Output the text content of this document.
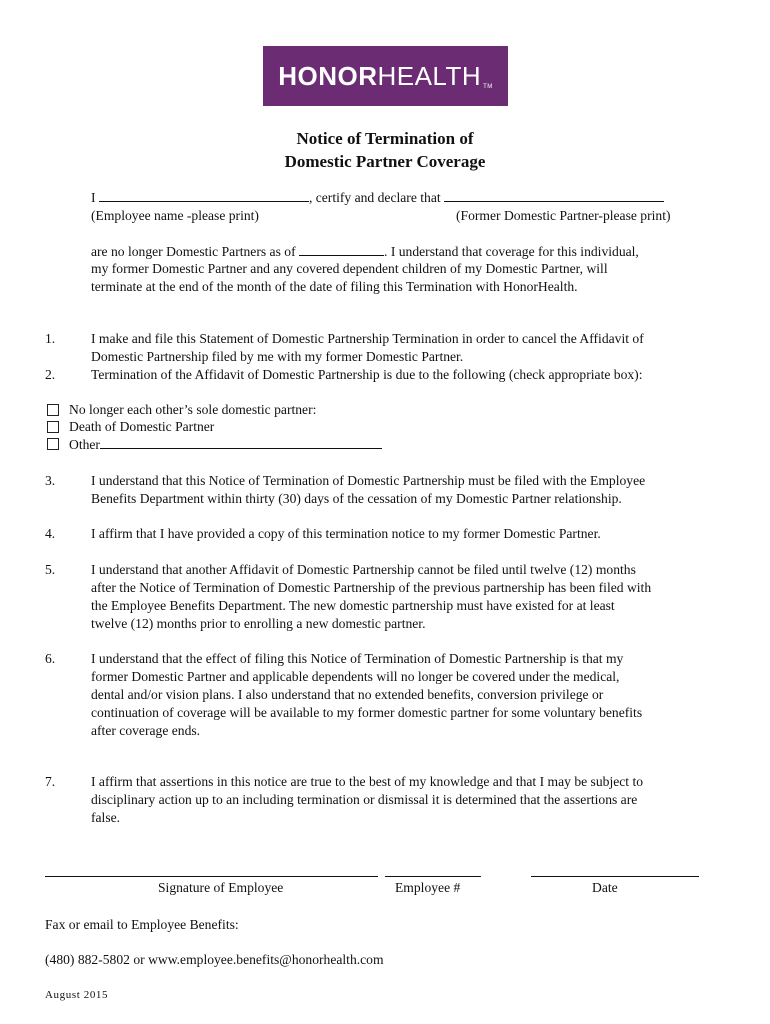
HONOR HEALTH TM
Notice of Termination of
Domestic Partner Coverage
I	, certify and declare that
(Employee name -please print)	(Former Domestic Partner-please print)
are no longer Domestic Partners as of	. I understand that coverage for this individual,
my former Domestic Partner and any covered dependent children of my Domestic Partner, will
terminate at the end of the month of the date of filing this Termination with HonorHealth.
1.	I make and file this Statement of Domestic Partnership Termination in order to cancel the Affidavit of
Domestic Partnership filed by me with my former Domestic Partner.
2.	Termination of the Affidavit of Domestic Partnership is due to the following (check appropriate box):
No longer each other’s sole domestic partner:
Death of Domestic Partner
Other
3.	I understand that this Notice of Termination of Domestic Partnership must be filed with the Employee
Benefits Department within thirty (30) days of the cessation of my Domestic Partner relationship.
4.	I affirm that I have provided a copy of this termination notice to my former Domestic Partner.
5.	I understand that another Affidavit of Domestic Partnership cannot be filed until twelve (12) months
after the Notice of Termination of Domestic Partnership of the previous partnership has been filed with
the Employee Benefits Department. The new domestic partnership must have existed for at least
twelve (12) months prior to enrolling a new domestic partner.
6.	I understand that the effect of filing this Notice of Termination of Domestic Partnership is that my
former Domestic Partner and applicable dependents will no longer be covered under the medical,
dental and/or vision plans. I also understand that no extended benefits, conversion privilege or
continuation of coverage will be available to my former domestic partner for some voluntary benefits
after coverage ends.
7.	I affirm that assertions in this notice are true to the best of my knowledge and that I may be subject to
disciplinary action up to an including termination or dismissal it is determined that the assertions are
false.
Signature of Employee	Employee #	Date
Fax or email to Employee Benefits:
(480) 882-5802 or www.employee.benefits@honorhealth.com
August 2015
